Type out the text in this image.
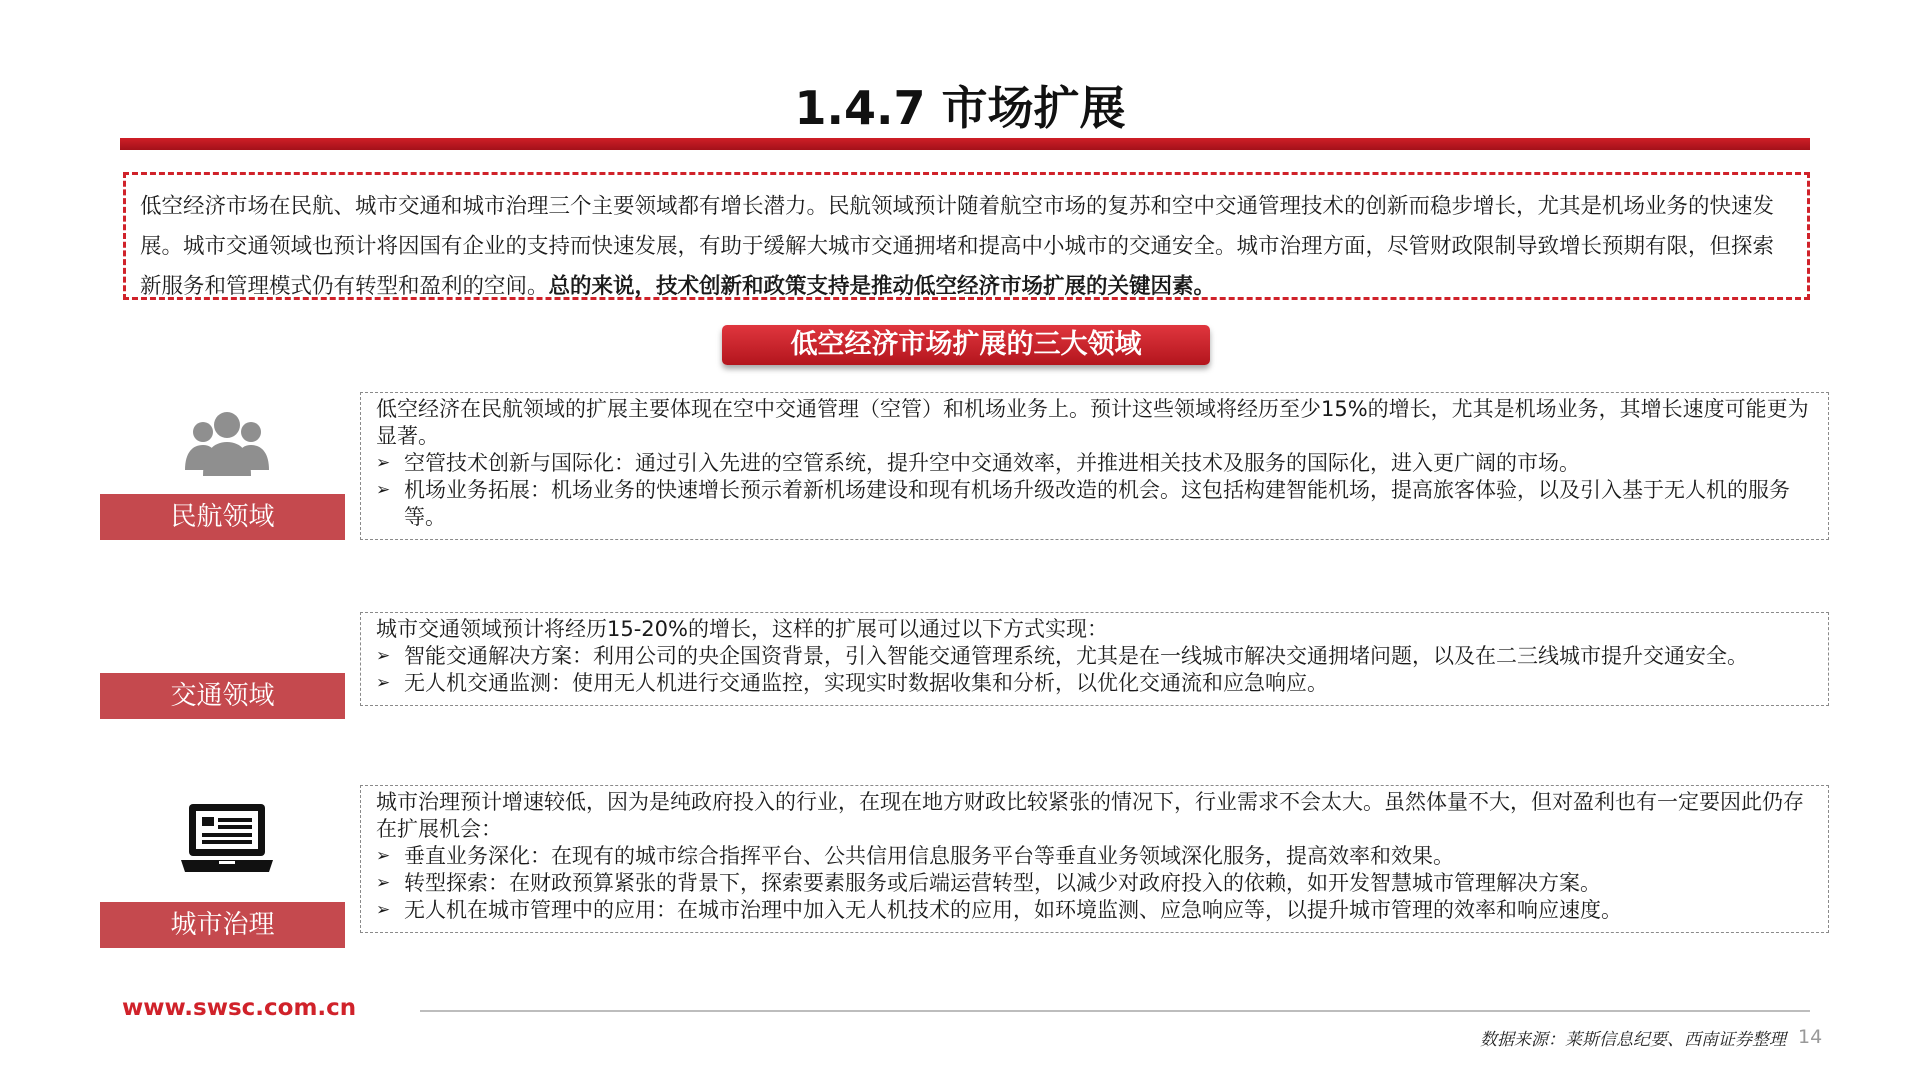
1.4.7 市场扩展
低空经济市场在民航、城市交通和城市治理三个主要领域都有增长潜力。民航领域预计随着航空市场的复苏和空中交通管理技术的创新而稳步增长，尤其是机场业务的快速发展。城市交通领域也预计将因国有企业的支持而快速发展，有助于缓解大城市交通拥堵和提高中小城市的交通安全。城市治理方面，尽管财政限制导致增长预期有限，但探索新服务和管理模式仍有转型和盈利的空间。总的来说，技术创新和政策支持是推动低空经济市场扩展的关键因素。
低空经济市场扩展的三大领域
民航领域
低空经济在民航领域的扩展主要体现在空中交通管理（空管）和机场业务上。预计这些领域将经历至少15%的增长，尤其是机场业务，其增长速度可能更为显著。
➢ 空管技术创新与国际化：通过引入先进的空管系统，提升空中交通效率，并推进相关技术及服务的国际化，进入更广阔的市场。
➢ 机场业务拓展：机场业务的快速增长预示着新机场建设和现有机场升级改造的机会。这包括构建智能机场，提高旅客体验，以及引入基于无人机的服务等。
交通领域
城市交通领域预计将经历15-20%的增长，这样的扩展可以通过以下方式实现：
➢ 智能交通解决方案：利用公司的央企国资背景，引入智能交通管理系统，尤其是在一线城市解决交通拥堵问题，以及在二三线城市提升交通安全。
➢ 无人机交通监测：使用无人机进行交通监控，实现实时数据收集和分析，以优化交通流和应急响应。
城市治理
城市治理预计增速较低，因为是纯政府投入的行业，在现在地方财政比较紧张的情况下，行业需求不会太大。虽然体量不大，但对盈利也有一定要因此仍存在扩展机会：
➢ 垂直业务深化：在现有的城市综合指挥平台、公共信用信息服务平台等垂直业务领域深化服务，提高效率和效果。
➢ 转型探索：在财政预算紧张的背景下，探索要素服务或后端运营转型，以减少对政府投入的依赖，如开发智慧城市管理解决方案。
➢ 无人机在城市管理中的应用：在城市治理中加入无人机技术的应用，如环境监测、应急响应等，以提升城市管理的效率和响应速度。
www.swsc.com.cn
数据来源：莱斯信息纪要、西南证券整理 14
